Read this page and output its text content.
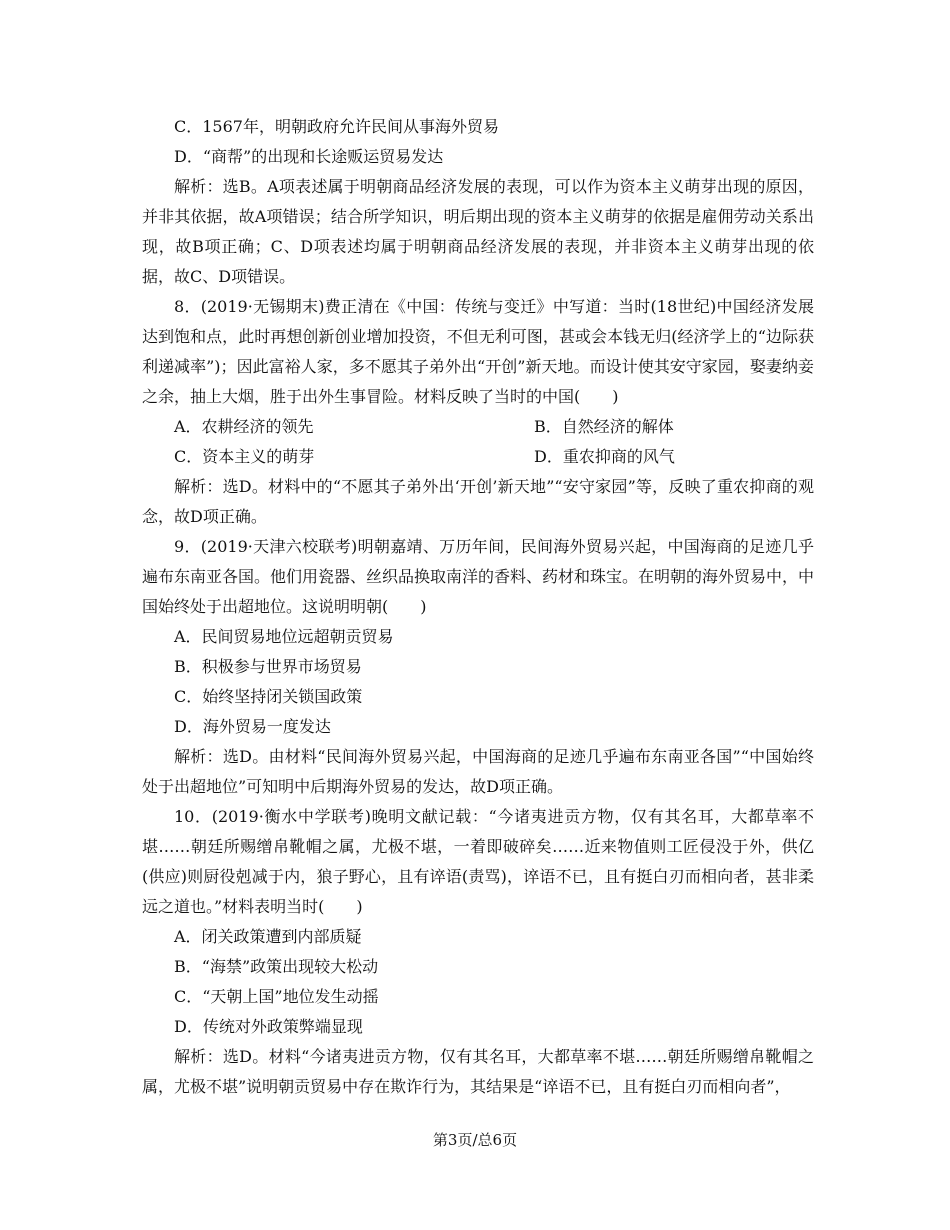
C．1567年，明朝政府允许民间从事海外贸易
D．“商帮”的出现和长途贩运贸易发达

解析：选B。A项表述属于明朝商品经济发展的表现，可以作为资本主义萌芽出现的原因，并非其依据，故A项错误；结合所学知识，明后期出现的资本主义萌芽的依据是雇佣劳动关系出现，故B项正确；C、D项表述均属于明朝商品经济发展的表现，并非资本主义萌芽出现的依据，故C、D项错误。

8．(2019·无锡期末)费正清在《中国：传统与变迁》中写道：当时(18世纪)中国经济发展达到饱和点，此时再想创新创业增加投资，不但无利可图，甚或会本钱无归(经济学上的“边际获利递减率”)；因此富裕人家，多不愿其子弟外出“开创”新天地。而设计使其安守家园，娶妻纳妾之余，抽上大烟，胜于出外生事冒险。材料反映了当时的中国(　　)

A．农耕经济的领先	B．自然经济的解体
C．资本主义的萌芽	D．重农抑商的风气

解析：选D。材料中的“不愿其子弟外出‘开创’新天地”“安守家园”等，反映了重农抑商的观念，故D项正确。

9．(2019·天津六校联考)明朝嘉靖、万历年间，民间海外贸易兴起，中国海商的足迹几乎遍布东南亚各国。他们用瓷器、丝织品换取南洋的香料、药材和珠宝。在明朝的海外贸易中，中国始终处于出超地位。这说明明朝(　　)

A．民间贸易地位远超朝贡贸易
B．积极参与世界市场贸易
C．始终坚持闭关锁国政策
D．海外贸易一度发达

解析：选D。由材料“民间海外贸易兴起，中国海商的足迹几乎遍布东南亚各国”“中国始终处于出超地位”可知明中后期海外贸易的发达，故D项正确。

10．(2019·衡水中学联考)晚明文献记载：“今诸夷进贡方物，仅有其名耳，大都草率不堪……朝廷所赐缯帛靴帽之属，尤极不堪，一着即破碎矣……近来物值则工匠侵没于外，供亿(供应)则厨役剋减于内，狼子野心，且有谇语(责骂)，谇语不已，且有挺白刃而相向者，甚非柔远之道也。”材料表明当时(　　)

A．闭关政策遭到内部质疑
B．“海禁”政策出现较大松动
C．“天朝上国”地位发生动摇
D．传统对外政策弊端显现

解析：选D。材料“今诸夷进贡方物，仅有其名耳，大都草率不堪……朝廷所赐缯帛靴帽之属，尤极不堪”说明朝贡贸易中存在欺诈行为，其结果是“谇语不已，且有挺白刃而相向者”，

第3页/总6页
